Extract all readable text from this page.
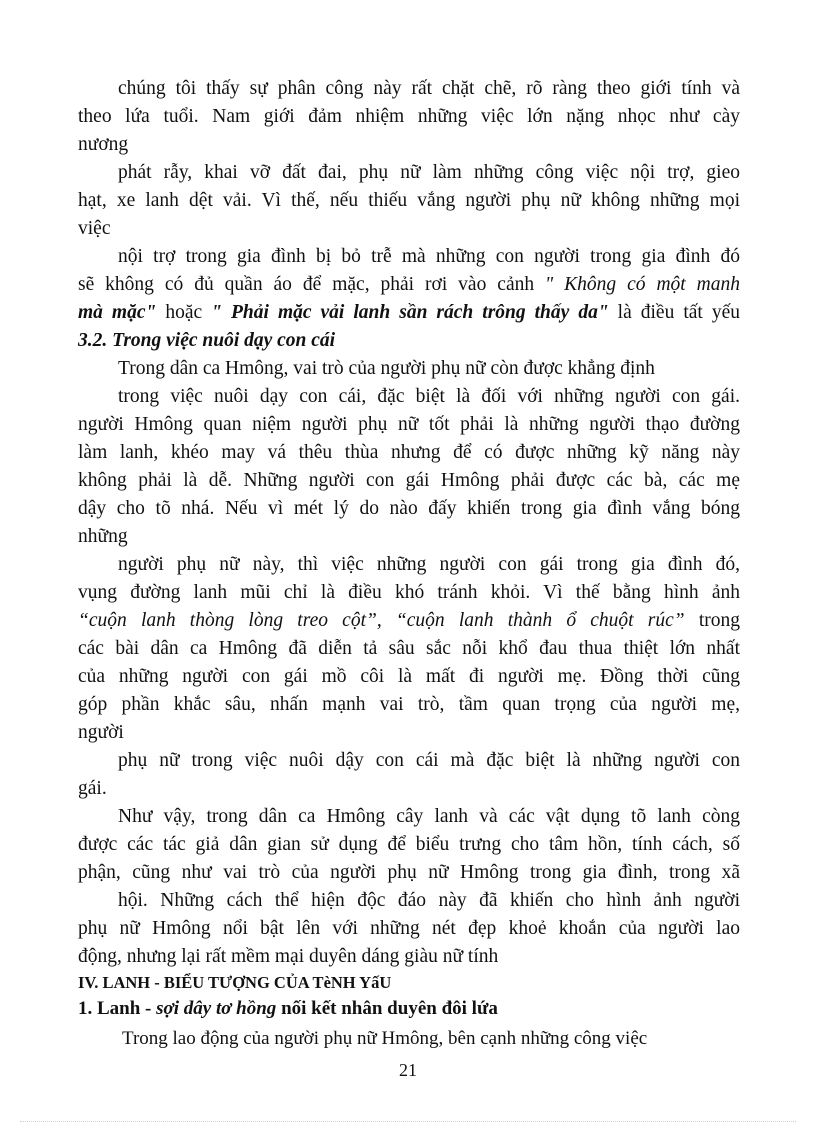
chúng tôi thấy sự phân công này rất chặt chẽ, rõ ràng theo giới tính và
theo lứa tuổi. Nam giới đảm nhiệm những việc lớn nặng nhọc như cày
nương
phát rẫy, khai vỡ đất đai, phụ nữ làm những công việc nội trợ, gieo
hạt, xe lanh dệt vải. Vì thế, nếu thiếu vắng người phụ nữ không những mọi
việc
nội trợ trong gia đình bị bỏ trễ mà những con người trong gia đình đó
sẽ không có đủ quần áo để mặc, phải rơi vào cảnh " Không có một manh
mà mặc" hoặc " Phải mặc vải lanh sần rách trông thấy da" là điều tất yếu
3.2. Trong việc nuôi dạy con cái
Trong dân ca Hmông, vai trò của người phụ nữ còn được khẳng định
trong việc nuôi dạy con cái, đặc biệt là đối với những người con gái.
người Hmông quan niệm người phụ nữ tốt phải là những người thạo đường
làm lanh, khéo may vá thêu thùa nhưng để có được những kỹ năng này
không phải là dễ. Những người con gái Hmông phải được các bà, các mẹ
dậy cho tõ nhá. Nếu vì mét lý do nào đấy khiến trong gia đình vắng bóng
những
người phụ nữ này, thì việc những người con gái trong gia đình đó,
vụng đường lanh mũi chỉ là điều khó tránh khỏi. Vì thế bằng hình ảnh
“cuộn lanh thòng lòng treo cột”, “cuộn lanh thành ổ chuột rúc” trong
các bài dân ca Hmông đã diễn tả sâu sắc nỗi khổ đau thua thiệt lớn nhất
của những người con gái mồ côi là mất đi người mẹ. Đồng thời cũng
góp phần khắc sâu, nhấn mạnh vai trò, tầm quan trọng của người mẹ,
người
phụ nữ trong việc nuôi dậy con cái mà đặc biệt là những người con
gái.
Như vậy, trong dân ca Hmông cây lanh và các vật dụng tõ lanh còng
được các tác giả dân gian sử dụng để biểu trưng cho tâm hồn, tính cách, số
phận, cũng như vai trò của người phụ nữ Hmông trong gia đình, trong xã
hội. Những cách thể hiện độc đáo này đã khiến cho hình ảnh người
phụ nữ Hmông nổi bật lên với những nét đẹp khoẻ khoắn của người lao
động, nhưng lại rất mềm mại duyên dáng giàu nữ tính
IV. LANH - BIỂU TƯỢNG CỦA TèNH YấU
1. Lanh - sợi dây tơ hồng nối kết nhân duyên đôi lứa
Trong lao động của người phụ nữ Hmông, bên cạnh những công việc
21
